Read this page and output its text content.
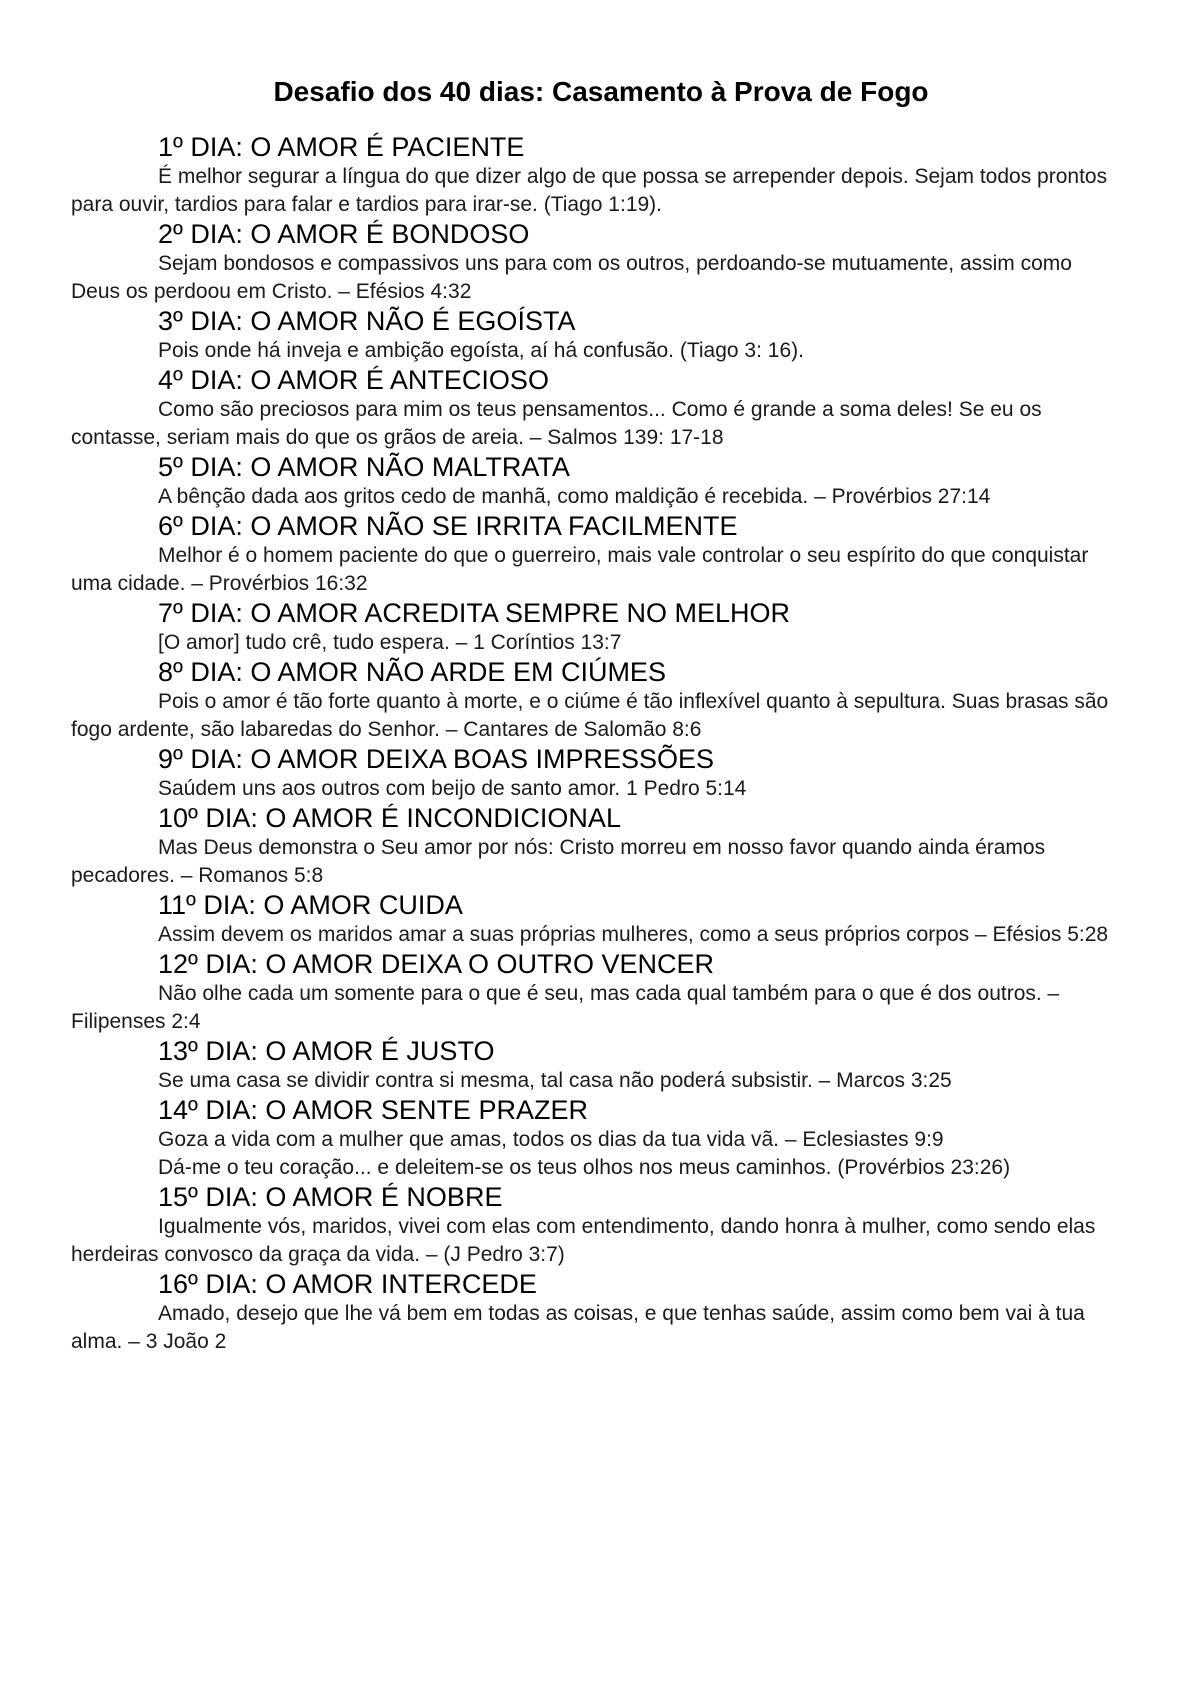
Desafio dos 40 dias: Casamento à Prova de Fogo
1º DIA: O AMOR É PACIENTE

É melhor segurar a língua do que dizer algo de que possa se arrepender depois. Sejam todos prontos para ouvir, tardios para falar e tardios para irar-se. (Tiago 1:19).

2º DIA: O AMOR É BONDOSO

Sejam bondosos e compassivos uns para com os outros, perdoando-se mutuamente, assim como Deus os perdoou em Cristo. – Efésios 4:32

3º DIA: O AMOR NÃO É EGOÍSTA

Pois onde há inveja e ambição egoísta, aí há confusão. (Tiago 3: 16).

4º DIA: O AMOR É ANTECIOSO

Como são preciosos para mim os teus pensamentos... Como é grande a soma deles! Se eu os contasse, seriam mais do que os grãos de areia. – Salmos 139: 17-18

5º DIA: O AMOR NÃO MALTRATA

A bênção dada aos gritos cedo de manhã, como maldição é recebida. – Provérbios 27:14

6º DIA: O AMOR NÃO SE IRRITA FACILMENTE

Melhor é o homem paciente do que o guerreiro, mais vale controlar o seu espírito do que conquistar uma cidade. – Provérbios 16:32

7º DIA: O AMOR ACREDITA SEMPRE NO MELHOR

[O amor] tudo crê, tudo espera. – 1 Coríntios 13:7

8º DIA: O AMOR NÃO ARDE EM CIÚMES

Pois o amor é tão forte quanto à morte, e o ciúme é tão inflexível quanto à sepultura. Suas brasas são fogo ardente, são labaredas do Senhor. – Cantares de Salomão 8:6

9º DIA: O AMOR DEIXA BOAS IMPRESSÕES

Saúdem uns aos outros com beijo de santo amor. 1 Pedro 5:14

10º DIA: O AMOR É INCONDICIONAL

Mas Deus demonstra o Seu amor por nós: Cristo morreu em nosso favor quando ainda éramos pecadores. – Romanos 5:8

11º DIA: O AMOR CUIDA

Assim devem os maridos amar a suas próprias mulheres, como a seus próprios corpos – Efésios 5:28

12º DIA: O AMOR DEIXA O OUTRO VENCER

Não olhe cada um somente para o que é seu, mas cada qual também para o que é dos outros. – Filipenses 2:4

13º DIA: O AMOR É JUSTO

Se uma casa se dividir contra si mesma, tal casa não poderá subsistir. – Marcos 3:25

14º DIA: O AMOR SENTE PRAZER

Goza a vida com a mulher que amas, todos os dias da tua vida vã. – Eclesiastes 9:9

Dá-me o teu coração... e deleitem-se os teus olhos nos meus caminhos. (Provérbios 23:26)

15º DIA: O AMOR É NOBRE

Igualmente vós, maridos, vivei com elas com entendimento, dando honra à mulher, como sendo elas herdeiras convosco da graça da vida. – (J Pedro 3:7)

16º DIA: O AMOR INTERCEDE

Amado, desejo que lhe vá bem em todas as coisas, e que tenhas saúde, assim como bem vai à tua alma. – 3 João 2
